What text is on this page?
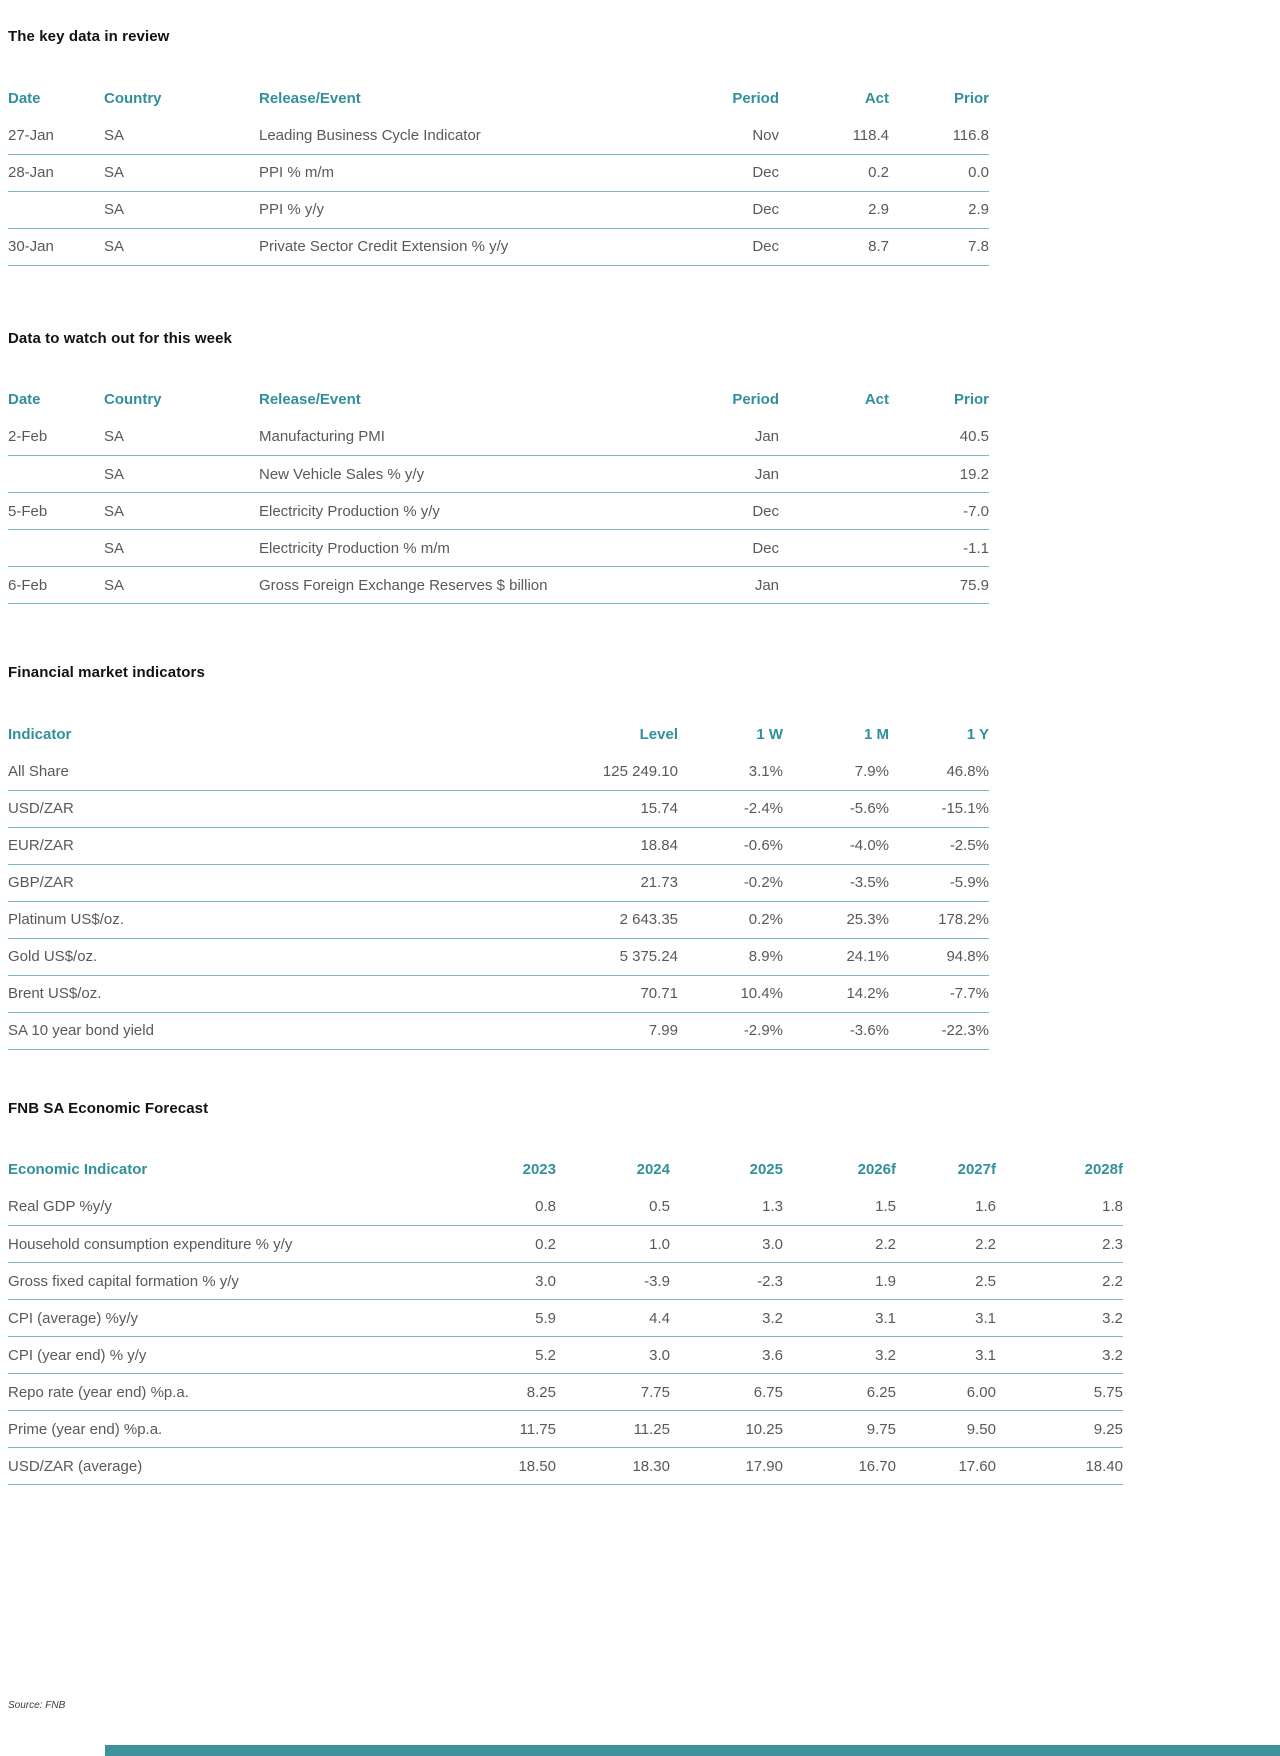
The key data in review
Date	Country	Release/Event	Period	Act	Prior
27-Jan	SA	Leading Business Cycle Indicator	Nov	118.4	116.8
28-Jan	SA	PPI % m/m	Dec	0.2	0.0
	SA	PPI % y/y	Dec	2.9	2.9
30-Jan	SA	Private Sector Credit Extension % y/y	Dec	8.7	7.8
Data to watch out for this week
Date	Country	Release/Event	Period	Act	Prior
2-Feb	SA	Manufacturing PMI	Jan		40.5
	SA	New Vehicle Sales % y/y	Jan		19.2
5-Feb	SA	Electricity Production % y/y	Dec		-7.0
	SA	Electricity Production % m/m	Dec		-1.1
6-Feb	SA	Gross Foreign Exchange Reserves $ billion	Jan		75.9
Financial market indicators
Indicator	Level	1 W	1 M	1 Y
All Share	125 249.10	3.1%	7.9%	46.8%
USD/ZAR	15.74	-2.4%	-5.6%	-15.1%
EUR/ZAR	18.84	-0.6%	-4.0%	-2.5%
GBP/ZAR	21.73	-0.2%	-3.5%	-5.9%
Platinum US$/oz.	2 643.35	0.2%	25.3%	178.2%
Gold US$/oz.	5 375.24	8.9%	24.1%	94.8%
Brent US$/oz.	70.71	10.4%	14.2%	-7.7%
SA 10 year bond yield	7.99	-2.9%	-3.6%	-22.3%
FNB SA Economic Forecast
Economic Indicator	2023	2024	2025	2026f	2027f	2028f
Real GDP %y/y	0.8	0.5	1.3	1.5	1.6	1.8
Household consumption expenditure % y/y	0.2	1.0	3.0	2.2	2.2	2.3
Gross fixed capital formation % y/y	3.0	-3.9	-2.3	1.9	2.5	2.2
CPI (average) %y/y	5.9	4.4	3.2	3.1	3.1	3.2
CPI (year end) % y/y	5.2	3.0	3.6	3.2	3.1	3.2
Repo rate (year end) %p.a.	8.25	7.75	6.75	6.25	6.00	5.75
Prime (year end) %p.a.	11.75	11.25	10.25	9.75	9.50	9.25
USD/ZAR (average)	18.50	18.30	17.90	16.70	17.60	18.40
Source: FNB
